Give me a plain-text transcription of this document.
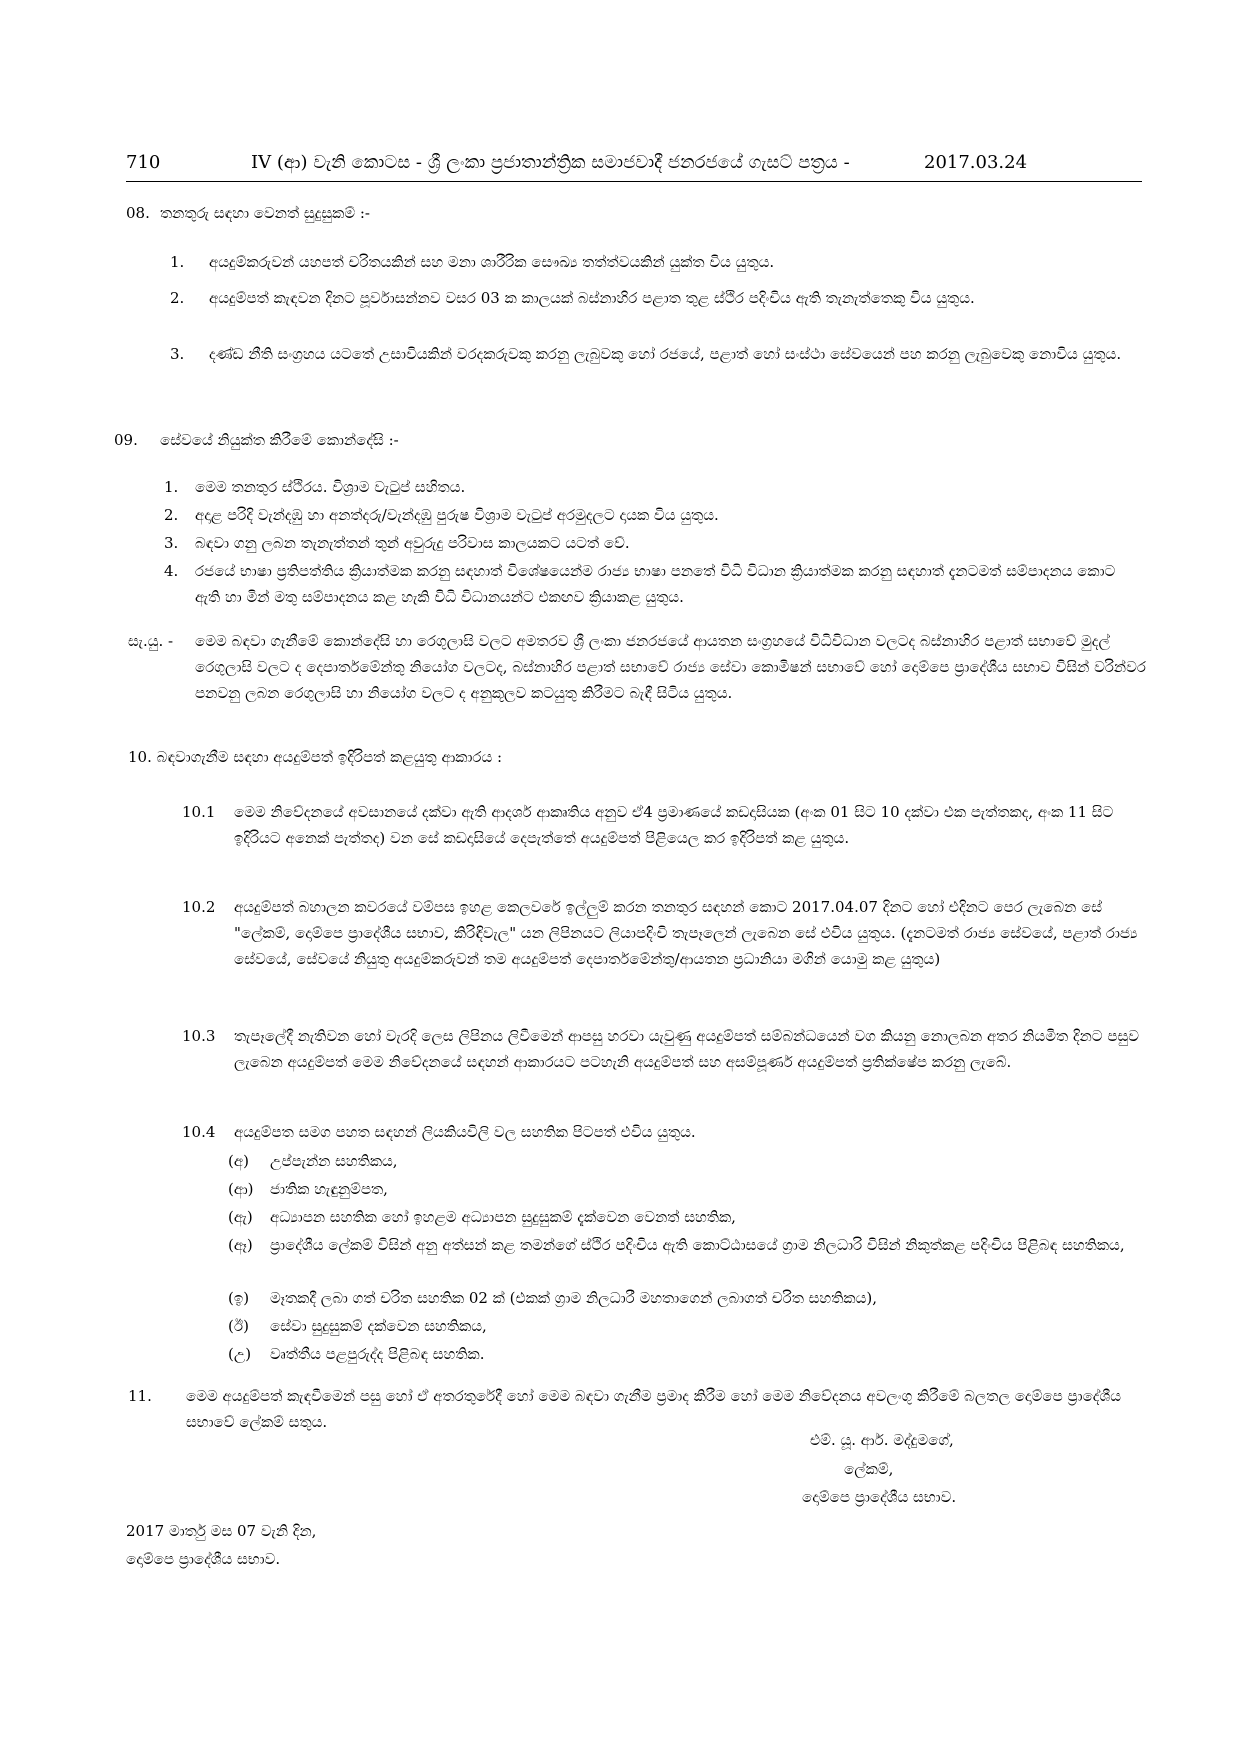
710	IV (ආ) වැනි කොටස - ශ්‍රී ලංකා ප්‍රජාතාන්ත්‍රික සමාජවාදී ජනරජයේ ගැසට් පත්‍රය -	2017.03.24
08. තනතුරු සඳහා වෙනත් සුදුසුකම් :-
1. අයදුම්කරුවන් යහපත් චරිතයකින් සහ මනා ශාරීරික සෞඛ්‍ය තත්ත්වයකින් යුක්ත විය යුතුය.
2. අයදුම්පත් කැඳවන දිනට පූර්වාසන්නව වසර 03 ක කාලයක් බස්නාහිර පළාත තුළ ස්ථිර පදිංචිය ඇති තැනැත්තෙකු විය යුතුය.
3. දණ්ඩ නීති සංග්‍රහය යටතේ උසාවියකින් වරදකරුවකු කරනු ලැබුවකු හෝ රජයේ, පළාත් හෝ සංස්ථා සේවයෙන් පහ කරනු ලැබුවෙකු නොවිය යුතුය.
09. සේවයේ නියුක්ත කිරීමේ කොන්දේසි :-
1. මෙම තනතුර ස්ථිරය. විශ්‍රාම වැටුප් සහිතය.
2. අදාළ පරිදි වැන්දඹු හා අනත්දරු/වැන්දඹු පුරුෂ විශ්‍රාම වැටුප් අරමුදලට දායක විය යුතුය.
3. බඳවා ගනු ලබන තැනැත්තන් තුන් අවුරුදු පරිවාස කාලයකට යටත් වේ.
4. රජයේ භාෂා ප්‍රතිපත්තිය ක්‍රියාත්මක කරනු සඳහාත් විශේෂයෙන්ම රාජ්‍ය භාෂා පනතේ විධි විධාන ක්‍රියාත්මක කරනු සඳහාත් දැනටමත් සම්පාදනය කොට ඇති හා මින් මතු සම්පාදනය කළ හැකි විධි විධානයන්ට එකඟව ක්‍රියාකළ යුතුය.
සැ.යු. - මෙම බඳවා ගැනීමේ කොන්දේසි හා රෙගුලාසි වලට අමතරව ශ්‍රී ලංකා ජනරජයේ ආයතන සංග්‍රහයේ විධිවිධාන වලටද බස්නාහිර පළාත් සභාවේ මුදල් රෙගුලාසි වලට ද දෙපාර්තමේන්තු නියෝග වලටද, බස්නාහිර පළාත් සභාවේ රාජ්‍ය සේවා කොමිෂන් සභාවේ හෝ දොම්පෙ ප්‍රාදේශීය සභාව විසින් වරින්වර පනවනු ලබන රෙගුලාසි හා නියෝග වලට ද අනුකූලව කටයුතු කිරීමට බැඳී සිටිය යුතුය.
10. බඳවාගැනීම සඳහා අයදුම්පත් ඉදිරිපත් කළයුතු ආකාරය :
10.1 මෙම නිවේදනයේ අවසානයේ දක්වා ඇති ආදර්ශ ආකෘතිය අනුව ඒ4 ප්‍රමාණයේ කඩදාසියක (අංක 01 සිට 10 දක්වා එක පැත්තකද, අංක 11 සිට ඉදිරියට අනෙක් පැත්තද) වන සේ කඩදාසියේ දෙපැත්තේ අයදුම්පත් පිළියෙල කර ඉදිරිපත් කළ යුතුය.
10.2 අයදුම්පත් බහාලන කවරයේ වම්පස ඉහළ කෙලවරේ ඉල්ලුම් කරන තනතුර සඳහන් කොට 2017.04.07 දිනට හෝ එදිනට පෙර ලැබෙන සේ "ලේකම්, දොම්පෙ ප්‍රාදේශීය සභාව, කිරිඳිවැල" යන ලිපිනයට ලියාපදිංචි තැපෑලෙන් ලැබෙන සේ එවිය යුතුය. (දැනටමත් රාජ්‍ය සේවයේ, පළාත් රාජ්‍ය සේවයේ, සේවයේ නියුතු අයදුම්කරුවන් තම අයදුම්පත් දෙපාර්තමේන්තු/ආයතන ප්‍රධානියා මගින් යොමු කළ යුතුය)
10.3 තැපෑලේදී නැතිවන හෝ වැරදි ලෙස ලිපිනය ලිවීමෙන් ආපසු හරවා යැවුණු අයදුම්පත් සම්බන්ධයෙන් වග කියනු නොලබන අතර නියමිත දිනට පසුව ලැබෙන අයදුම්පත් මෙම නිවේදනයේ සඳහන් ආකාරයට පටහැනි අයදුම්පත් සහ අසම්පූර්ණ අයදුම්පත් ප්‍රතික්ෂේප කරනු ලැබේ.
10.4 අයදුම්පත සමග පහත සඳහන් ලියකියවිලි වල සහතික පිටපත් එවිය යුතුය.
(අ) උප්පැන්න සහතිකය,
(ආ) ජාතික හැඳුනුම්පත,
(ඇ) අධ්‍යාපන සහතික හෝ ඉහළම අධ්‍යාපන සුදුසුකම් දැක්වෙන වෙනත් සහතික,
(ඈ) ප්‍රාදේශීය ලේකම් විසින් අනු අත්සන් කළ තමන්ගේ ස්ථිර පදිංචිය ඇති කොට්ඨාසයේ ග්‍රාම නිලධාරි විසින් නිකුත්කළ පදිංචිය පිළිබඳ සහතිකය,
(ඉ) මෑතකදී ලබා ගත් චරිත සහතික 02 ක් (එකක් ග්‍රාම නිලධාරී මහතාගෙන් ලබාගත් චරිත සහතිකය),
(ඊ) සේවා සුදුසුකම් දක්වෙන සහතිකය,
(උ) වෘත්තීය පළපුරුද්ද පිළිබඳ සහතික.
11. මෙම අයදුම්පත් කැඳවීමෙන් පසු හෝ ඒ අතරතුරේදී හෝ මෙම බඳවා ගැනීම ප්‍රමාද කිරීම හෝ මෙම නිවේදනය අවලංගු කිරීමේ බලතල දොම්පෙ ප්‍රාදේශීය සභාවේ ලේකම් සතුය.
එම්. යූ. ආර්. මද්දුමගේ,
ලේකම්,
දොම්පෙ ප්‍රාදේශීය සභාව.
2017 මාර්තු මස 07 වැනි දින,
දොම්පෙ ප්‍රාදේශීය සභාව.
